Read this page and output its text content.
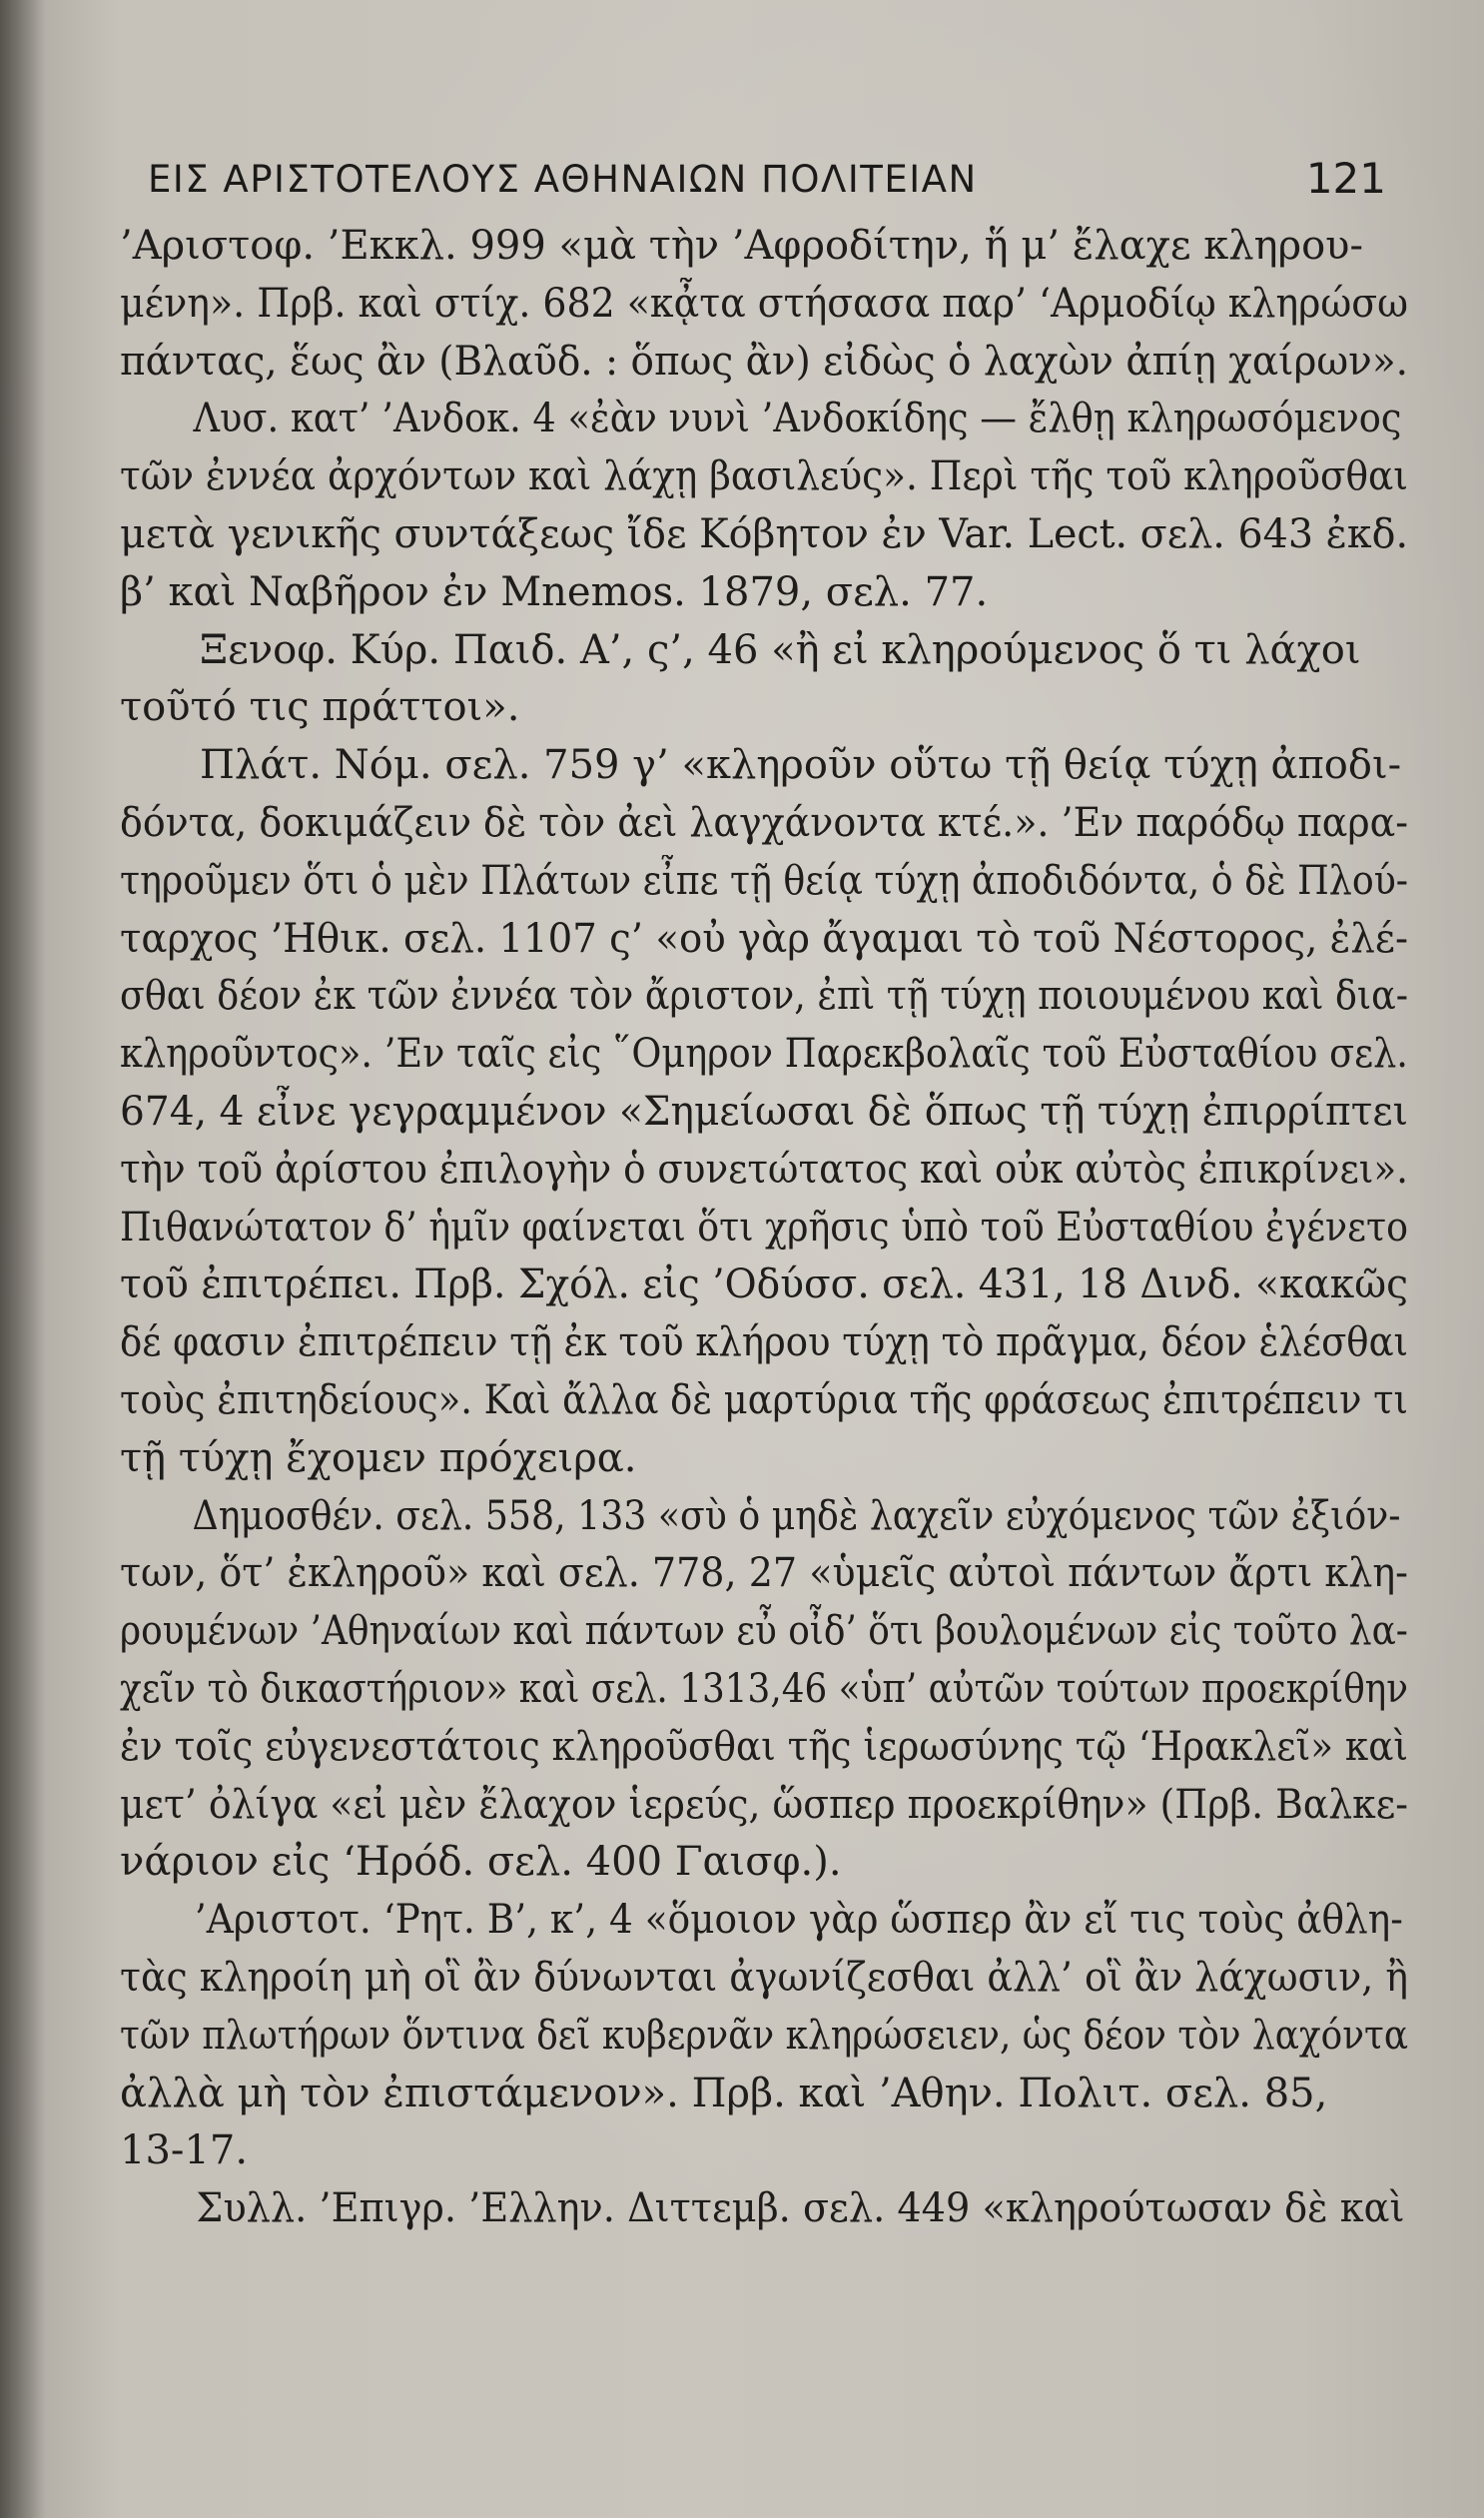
ΕΙΣ ΑΡΙΣΤΟΤΕΛΟΥΣ ΑΘΗΝΑΙΩΝ ΠΟΛΙΤΕΙΑΝ	121
’Αριστοφ. ’Εκκλ. 999 «μὰ τὴν ’Αφροδίτην, ἥ μ’ ἔλαχε κληρου-
μένη». Πρβ. καὶ στίχ. 682 «κᾆτα στήσασα παρ’ ‘Αρμοδίῳ κληρώσω
πάντας, ἕως ἂν (Βλαῦδ. : ὅπως ἂν) εἰδὼς ὁ λαχὼν ἀπίῃ χαίρων».
Λυσ. κατ’ ’Ανδοκ. 4 «ἐὰν νυνὶ ’Ανδοκίδης — ἔλθῃ κληρωσόμενος
τῶν ἐννέα ἀρχόντων καὶ λάχῃ βασιλεύς». Περὶ τῆς τοῦ κληροῦσθαι
μετὰ γενικῆς συντάξεως ἴδε Κόβητον ἐν Var. Lect. σελ. 643 ἐκδ.
β’ καὶ Ναβῆρον ἐν Mnemos. 1879, σελ. 77.
Ξενοφ. Κύρ. Παιδ. Α’, ς’, 46 «ἢ εἰ κληρούμενος ὅ τι λάχοι
τοῦτό τις πράττοι».
Πλάτ. Νόμ. σελ. 759 γ’ «κληροῦν οὕτω τῇ θείᾳ τύχῃ ἀποδι-
δόντα, δοκιμάζειν δὲ τὸν ἀεὶ λαγχάνοντα κτέ.». ’Εν παρόδῳ παρα-
τηροῦμεν ὅτι ὁ μὲν Πλάτων εἶπε τῇ θείᾳ τύχῃ ἀποδιδόντα, ὁ δὲ Πλού-
ταρχος ’Ηθικ. σελ. 1107 ς’ «οὐ γὰρ ἄγαμαι τὸ τοῦ Νέστορος, ἐλέ-
σθαι δέον ἐκ τῶν ἐννέα τὸν ἄριστον, ἐπὶ τῇ τύχῃ ποιουμένου καὶ δια-
κληροῦντος». ’Εν ταῖς εἰς ῞Ομηρον Παρεκβολαῖς τοῦ Εὐσταθίου σελ.
674, 4 εἶνε γεγραμμένον «Σημείωσαι δὲ ὅπως τῇ τύχῃ ἐπιρρίπτει
τὴν τοῦ ἀρίστου ἐπιλογὴν ὁ συνετώτατος καὶ οὐκ αὐτὸς ἐπικρίνει».
Πιθανώτατον δ’ ἡμῖν φαίνεται ὅτι χρῆσις ὑπὸ τοῦ Εὐσταθίου ἐγένετο
τοῦ ἐπιτρέπει. Πρβ. Σχόλ. εἰς ’Οδύσσ. σελ. 431, 18 Δινδ. «κακῶς
δέ φασιν ἐπιτρέπειν τῇ ἐκ τοῦ κλήρου τύχῃ τὸ πρᾶγμα, δέον ἑλέσθαι
τοὺς ἐπιτηδείους». Καὶ ἄλλα δὲ μαρτύρια τῆς φράσεως ἐπιτρέπειν τι
τῇ τύχῃ ἔχομεν πρόχειρα.
Δημοσθέν. σελ. 558, 133 «σὺ ὁ μηδὲ λαχεῖν εὐχόμενος τῶν ἐξιόν-
των, ὅτ’ ἐκληροῦ» καὶ σελ. 778, 27 «ὑμεῖς αὐτοὶ πάντων ἄρτι κλη-
ρουμένων ’Αθηναίων καὶ πάντων εὖ οἶδ’ ὅτι βουλομένων εἰς τοῦτο λα-
χεῖν τὸ δικαστήριον» καὶ σελ. 1313,46 «ὑπ’ αὐτῶν τούτων προεκρίθην
ἐν τοῖς εὐγενεστάτοις κληροῦσθαι τῆς ἱερωσύνης τῷ ‘Ηρακλεῖ» καὶ
μετ’ ὀλίγα «εἰ μὲν ἔλαχον ἱερεύς, ὥσπερ προεκρίθην» (Πρβ. Βαλκε-
νάριον εἰς ‘Ηρόδ. σελ. 400 Γαισφ.).
’Αριστοτ. ‘Ρητ. Β’, κ’, 4 «ὅμοιον γὰρ ὥσπερ ἂν εἴ τις τοὺς ἀθλη-
τὰς κληροίη μὴ οἳ ἂν δύνωνται ἀγωνίζεσθαι ἀλλ’ οἳ ἂν λάχωσιν, ἢ
τῶν πλωτήρων ὅντινα δεῖ κυβερνᾶν κληρώσειεν, ὡς δέον τὸν λαχόντα
ἀλλὰ μὴ τὸν ἐπιστάμενον». Πρβ. καὶ ’Αθην. Πολιτ. σελ. 85,
13-17.
Συλλ. ’Επιγρ. ’Ελλην. Διττεμβ. σελ. 449 «κληρούτωσαν δὲ καὶ
